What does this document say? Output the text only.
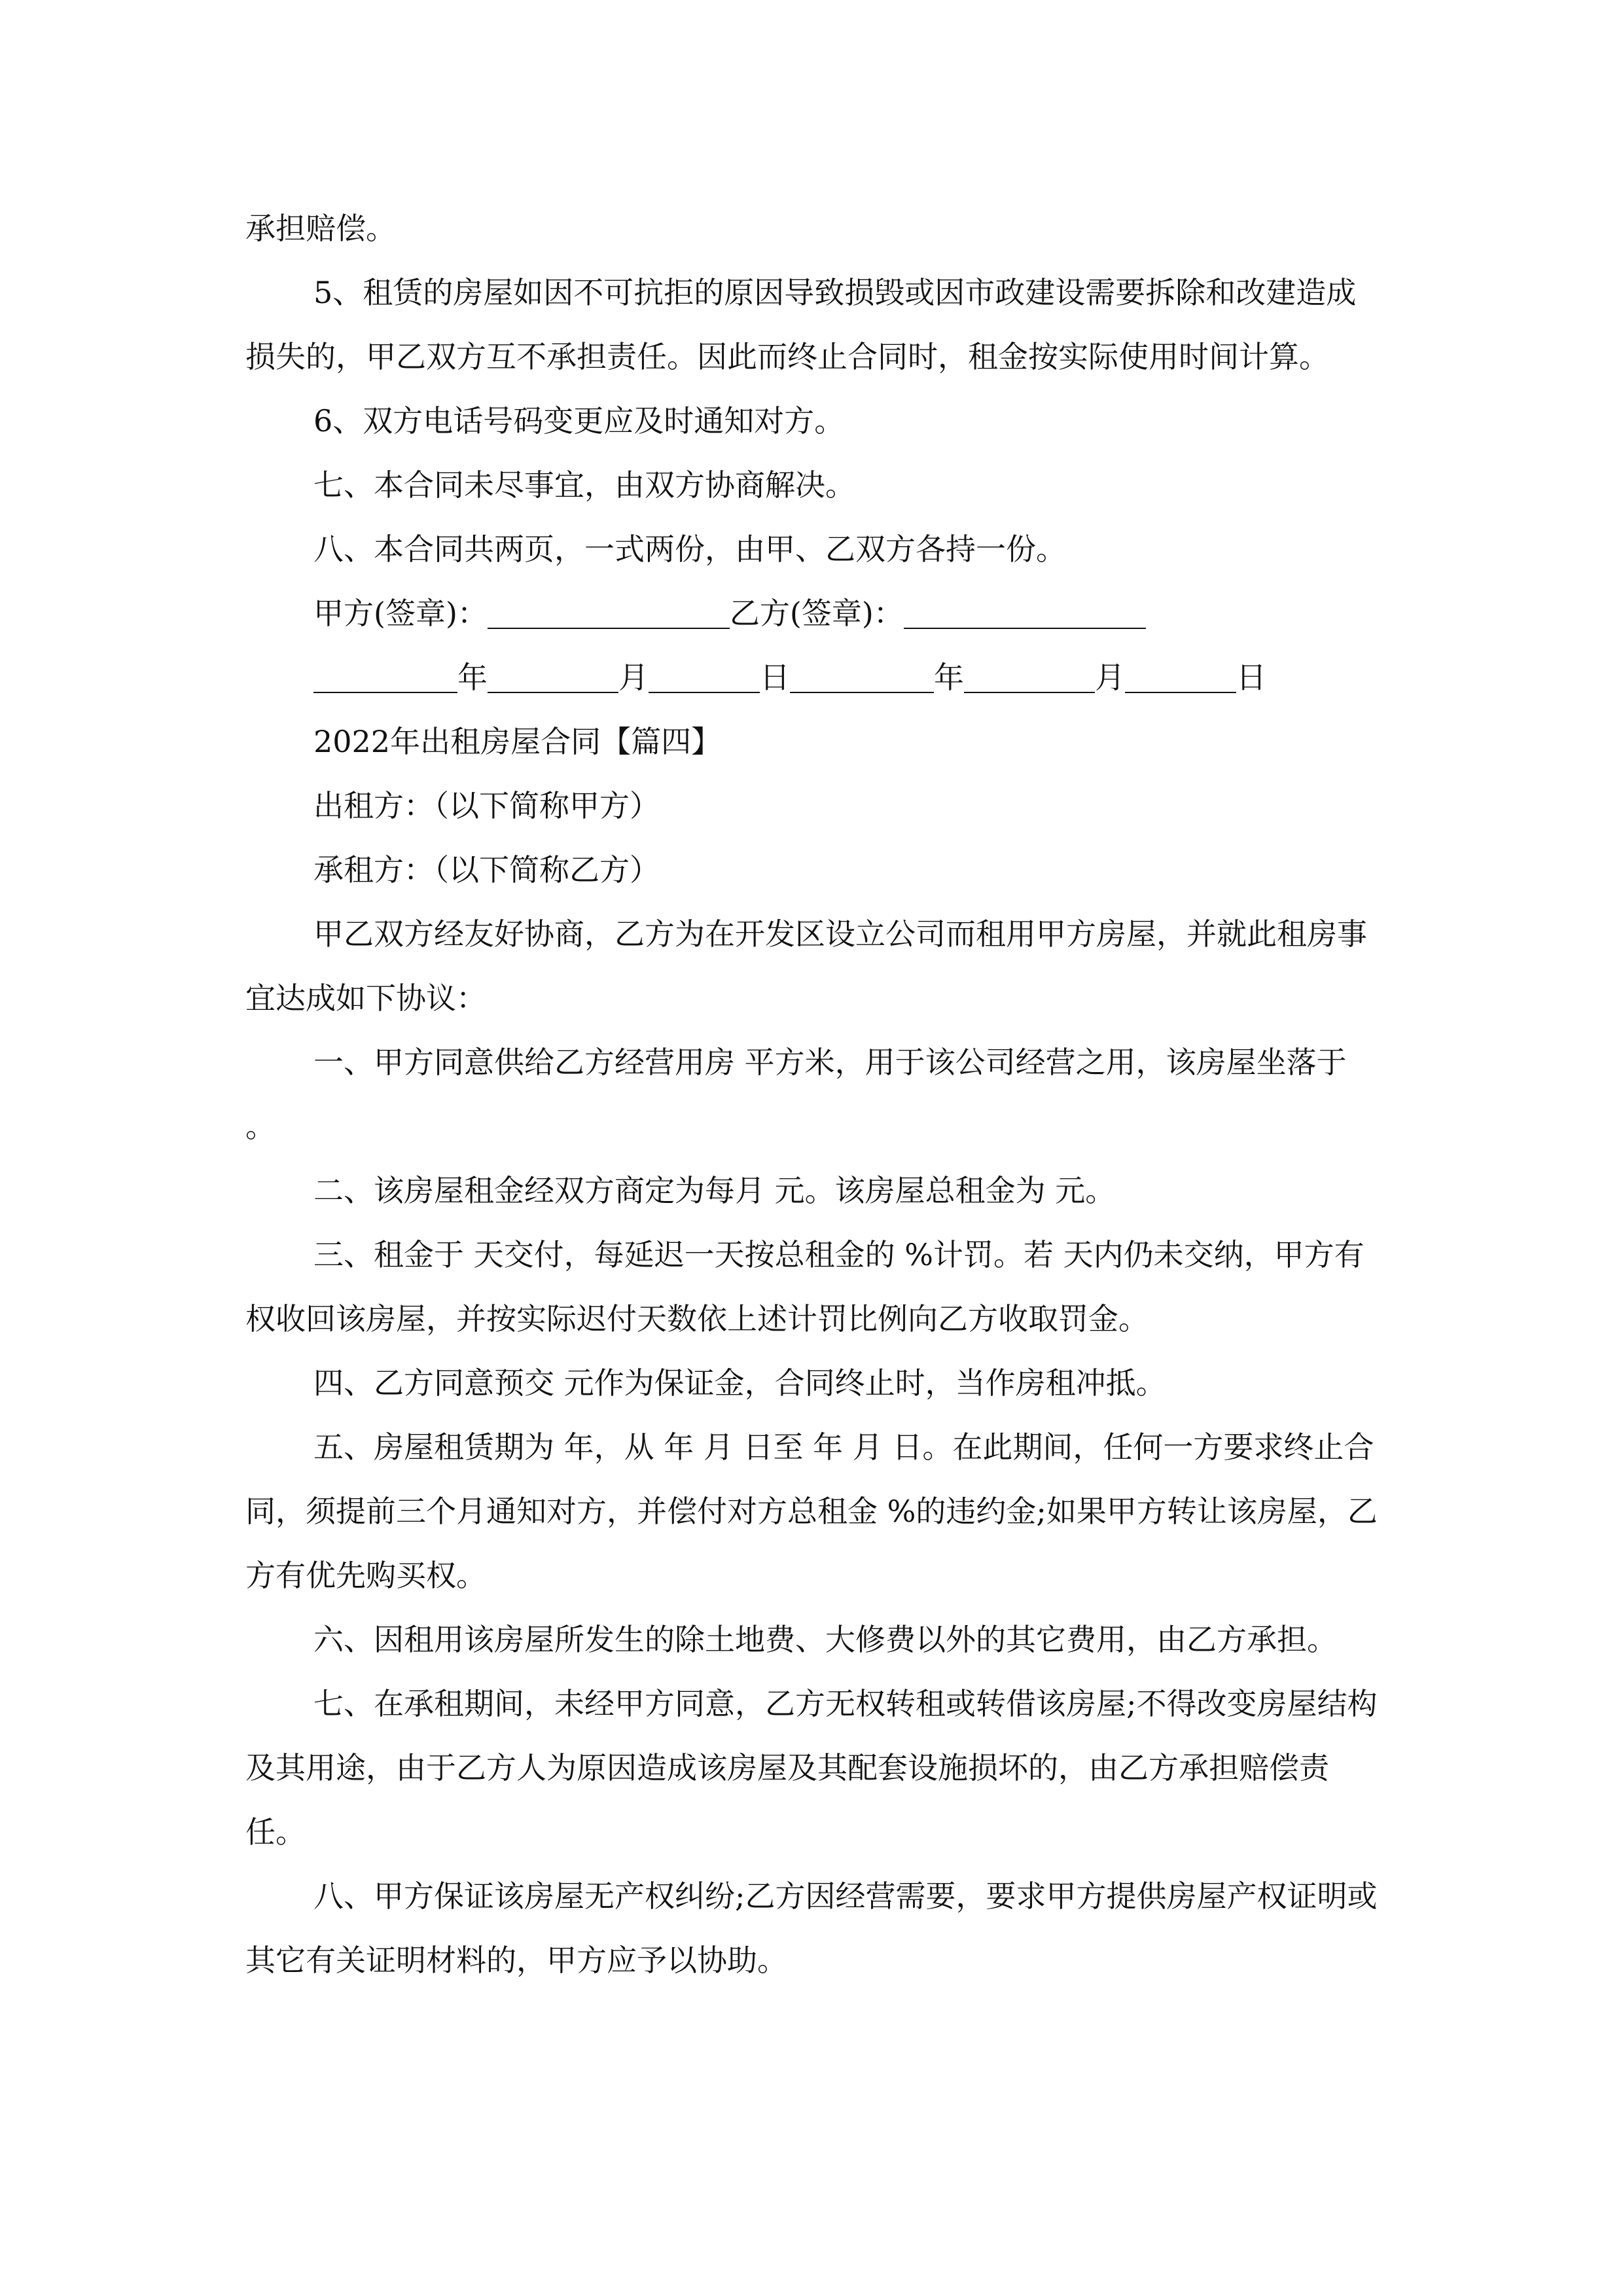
承担赔偿。

5、租赁的房屋如因不可抗拒的原因导致损毁或因市政建设需要拆除和改建造成损失的，甲乙双方互不承担责任。因此而终止合同时，租金按实际使用时间计算。

6、双方电话号码变更应及时通知对方。

七、本合同未尽事宜，由双方协商解决。

八、本合同共两页，一式两份，由甲、乙双方各持一份。

甲方(签章)：	乙方(签章)：

年	月	日	年	月	日

2022年出租房屋合同【篇四】

出租方：（以下简称甲方）

承租方：（以下简称乙方）

甲乙双方经友好协商，乙方为在开发区设立公司而租用甲方房屋，并就此租房事宜达成如下协议：

一、甲方同意供给乙方经营用房 平方米，用于该公司经营之用，该房屋坐落于 。

二、该房屋租金经双方商定为每月 元。该房屋总租金为 元。

三、租金于 天交付，每延迟一天按总租金的 %计罚。若 天内仍未交纳，甲方有权收回该房屋，并按实际迟付天数依上述计罚比例向乙方收取罚金。

四、乙方同意预交 元作为保证金，合同终止时，当作房租冲抵。

五、房屋租赁期为 年，从 年 月 日至 年 月 日。在此期间，任何一方要求终止合同，须提前三个月通知对方，并偿付对方总租金 %的违约金;如果甲方转让该房屋，乙方有优先购买权。

六、因租用该房屋所发生的除土地费、大修费以外的其它费用，由乙方承担。

七、在承租期间，未经甲方同意，乙方无权转租或转借该房屋;不得改变房屋结构及其用途，由于乙方人为原因造成该房屋及其配套设施损坏的，由乙方承担赔偿责任。

八、甲方保证该房屋无产权纠纷;乙方因经营需要，要求甲方提供房屋产权证明或其它有关证明材料的，甲方应予以协助。
